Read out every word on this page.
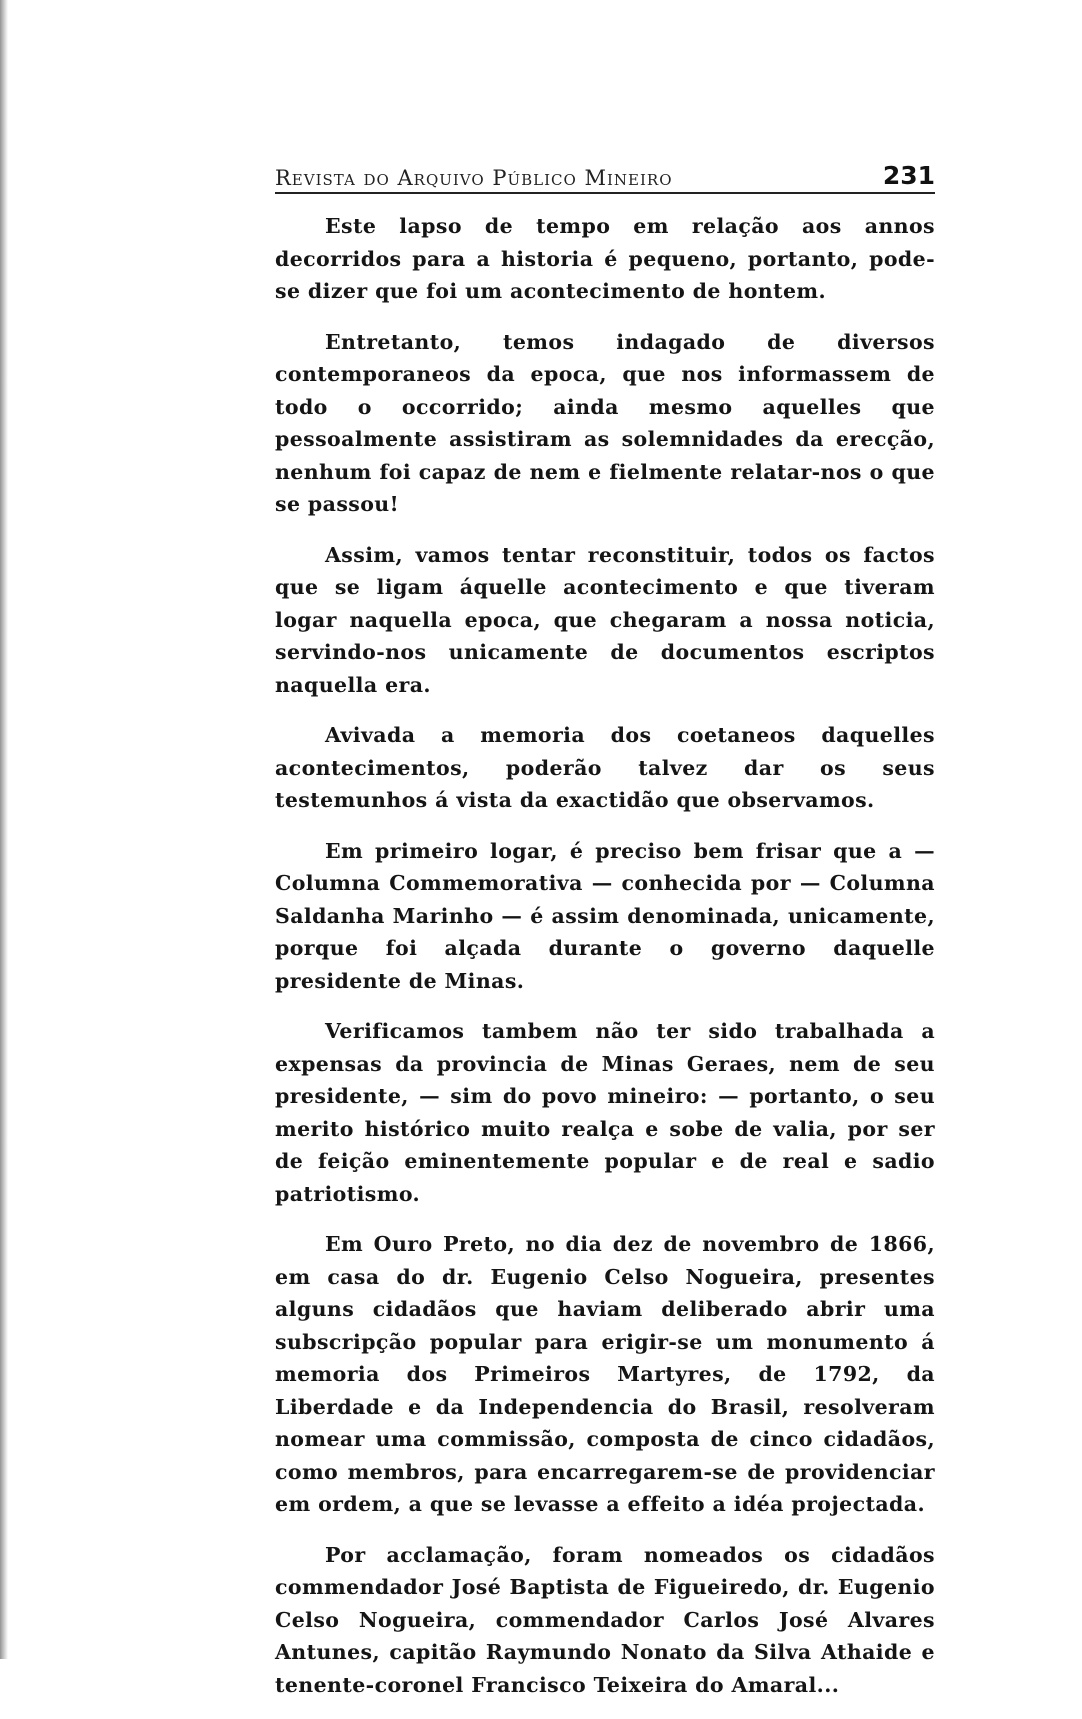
Revista do Arquivo Público Mineiro	231

Este lapso de tempo em relação aos annos decorridos para a historia é pequeno, portanto, pode-se dizer que foi um acontecimento de hontem.

Entretanto, temos indagado de diversos contemporaneos da epoca, que nos informassem de todo o occorrido; ainda mesmo aquelles que pessoalmente assistiram as solemnidades da erecção, nenhum foi capaz de nem e fielmente relatar-nos o que se passou!

Assim, vamos tentar reconstituir, todos os factos que se ligam áquelle acontecimento e que tiveram logar naquella epoca, que chegaram a nossa noticia, servindo-nos unicamente de documentos escriptos naquella era.

Avivada a memoria dos coetaneos daquelles acontecimentos, poderão talvez dar os seus testemunhos á vista da exactidão que observamos.

Em primeiro logar, é preciso bem frisar que a — Columna Commemorativa — conhecida por — Columna Saldanha Marinho — é assim denominada, unicamente, porque foi alçada durante o governo daquelle presidente de Minas.

Verificamos tambem não ter sido trabalhada a expensas da provincia de Minas Geraes, nem de seu presidente, — sim do povo mineiro: — portanto, o seu merito histórico muito realça e sobe de valia, por ser de feição eminentemente popular e de real e sadio patriotismo.

Em Ouro Preto, no dia dez de novembro de 1866, em casa do dr. Eugenio Celso Nogueira, presentes alguns cidadãos que haviam deliberado abrir uma subscripção popular para erigir-se um monumento á memoria dos Primeiros Martyres, de 1792, da Liberdade e da Independencia do Brasil, resolveram nomear uma commissão, composta de cinco cidadãos, como membros, para encarregarem-se de providenciar em ordem, a que se levasse a effeito a idéa projectada.

Por acclamação, foram nomeados os cidadãos commendador José Baptista de Figueiredo, dr. Eugenio Celso Nogueira, commendador Carlos José Alvares Antunes, capitão Raymundo Nonato da Silva Athaide e tenente-coronel Francisco Teixeira do Amaral...
